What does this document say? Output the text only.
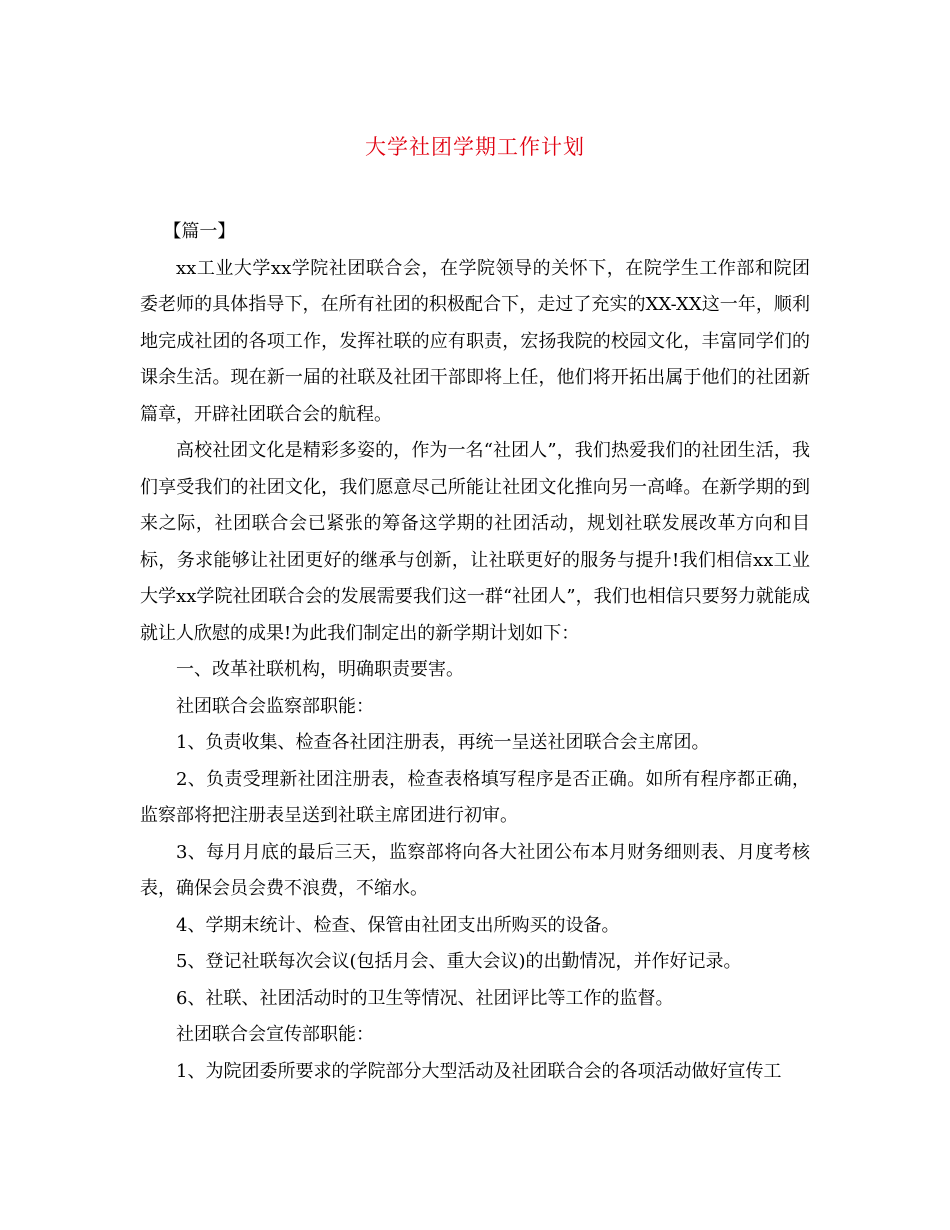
大学社团学期工作计划

【篇一】

xx工业大学xx学院社团联合会，在学院领导的关怀下，在院学生工作部和院团委老师的具体指导下，在所有社团的积极配合下，走过了充实的XX-XX这一年，顺利地完成社团的各项工作，发挥社联的应有职责，宏扬我院的校园文化，丰富同学们的课余生活。现在新一届的社联及社团干部即将上任，他们将开拓出属于他们的社团新篇章，开辟社团联合会的航程。

高校社团文化是精彩多姿的，作为一名“社团人”，我们热爱我们的社团生活，我们享受我们的社团文化，我们愿意尽己所能让社团文化推向另一高峰。在新学期的到来之际，社团联合会已紧张的筹备这学期的社团活动，规划社联发展改革方向和目标，务求能够让社团更好的继承与创新，让社联更好的服务与提升!我们相信xx工业大学xx学院社团联合会的发展需要我们这一群“社团人”，我们也相信只要努力就能成就让人欣慰的成果!为此我们制定出的新学期计划如下：

一、改革社联机构，明确职责要害。

社团联合会监察部职能：

1、负责收集、检查各社团注册表，再统一呈送社团联合会主席团。

2、负责受理新社团注册表，检查表格填写程序是否正确。如所有程序都正确，监察部将把注册表呈送到社联主席团进行初审。

3、每月月底的最后三天，监察部将向各大社团公布本月财务细则表、月度考核表，确保会员会费不浪费，不缩水。

4、学期末统计、检查、保管由社团支出所购买的设备。

5、登记社联每次会议(包括月会、重大会议)的出勤情况，并作好记录。

6、社联、社团活动时的卫生等情况、社团评比等工作的监督。

社团联合会宣传部职能：

1、为院团委所要求的学院部分大型活动及社团联合会的各项活动做好宣传工
